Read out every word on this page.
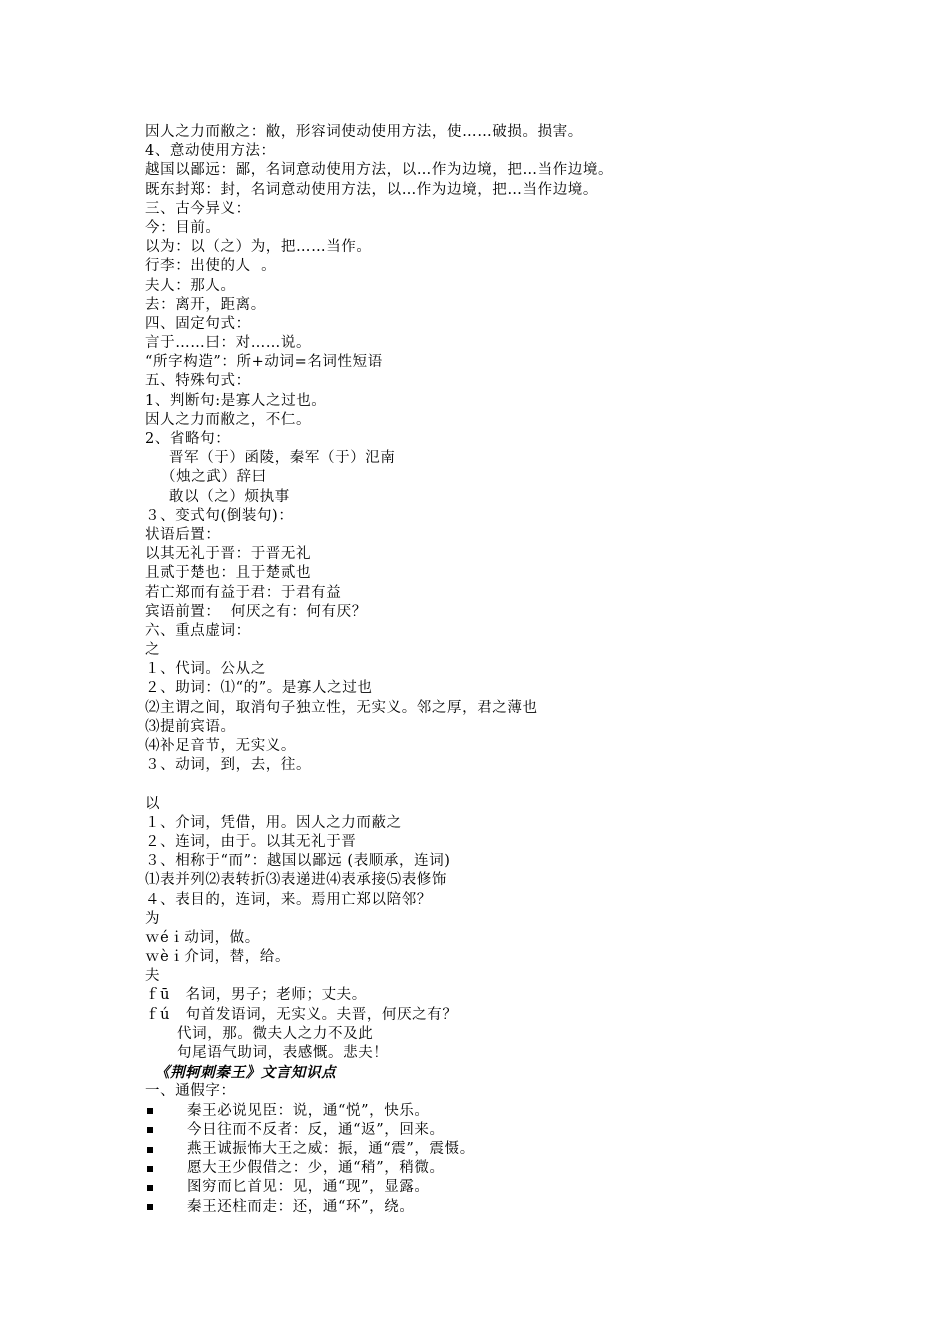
因人之力而敝之：敝，形容词使动使用方法，使……破损。损害。
4、意动使用方法：
越国以鄙远：鄙，名词意动使用方法，以…作为边境，把…当作边境。
既东封郑：封，名词意动使用方法，以…作为边境，把…当作边境。
三、古今异义：
今：目前。
以为：以（之）为，把……当作。
行李：出使的人  。
夫人：那人。
去：离开，距离。
四、固定句式：
言于……曰：对……说。
“所字构造”：所+动词=名词性短语
五、特殊句式：
1、判断句:是寡人之过也。
因人之力而敝之，不仁。
2、省略句：
晋军（于）函陵，秦军（于）氾南
（烛之武）辞曰
敢以（之）烦执事
３、变式句(倒装句)：
状语后置：
以其无礼于晋：于晋无礼
且贰于楚也：且于楚贰也
若亡郑而有益于君：于君有益
宾语前置：  何厌之有：何有厌？
六、重点虚词：
之
１、代词。公从之
２、助词：⑴“的”。是寡人之过也
⑵主谓之间，取消句子独立性，无实义。邻之厚，君之薄也
⑶提前宾语。
⑷补足音节，无实义。
３、动词，到，去，往。
以
１、介词，凭借，用。因人之力而蔽之
２、连词，由于。以其无礼于晋
３、相称于“而”：越国以鄙远 (表顺承，连词)
⑴表并列⑵表转折⑶表递进⑷表承接⑸表修饰
４、表目的，连词，来。焉用亡郑以陪邻？
为
ｗéｉ动词，做。
ｗèｉ介词，替，给。
夫
ｆū   名词，男子；老师；丈夫。
ｆú   句首发语词，无实义。夫晋，何厌之有？
代词，那。微夫人之力不及此
句尾语气助词，表感慨。悲夫！
《荆轲刺秦王》文言知识点
一、通假字：
秦王必说见臣：说，通“悦”，快乐。
今日往而不反者：反，通“返”，回来。
燕王诚振怖大王之威：振，通“震”，震慑。
愿大王少假借之：少，通“稍”，稍微。
图穷而匕首见：见，通“现”，显露。
秦王还柱而走：还，通“环”，绕。
